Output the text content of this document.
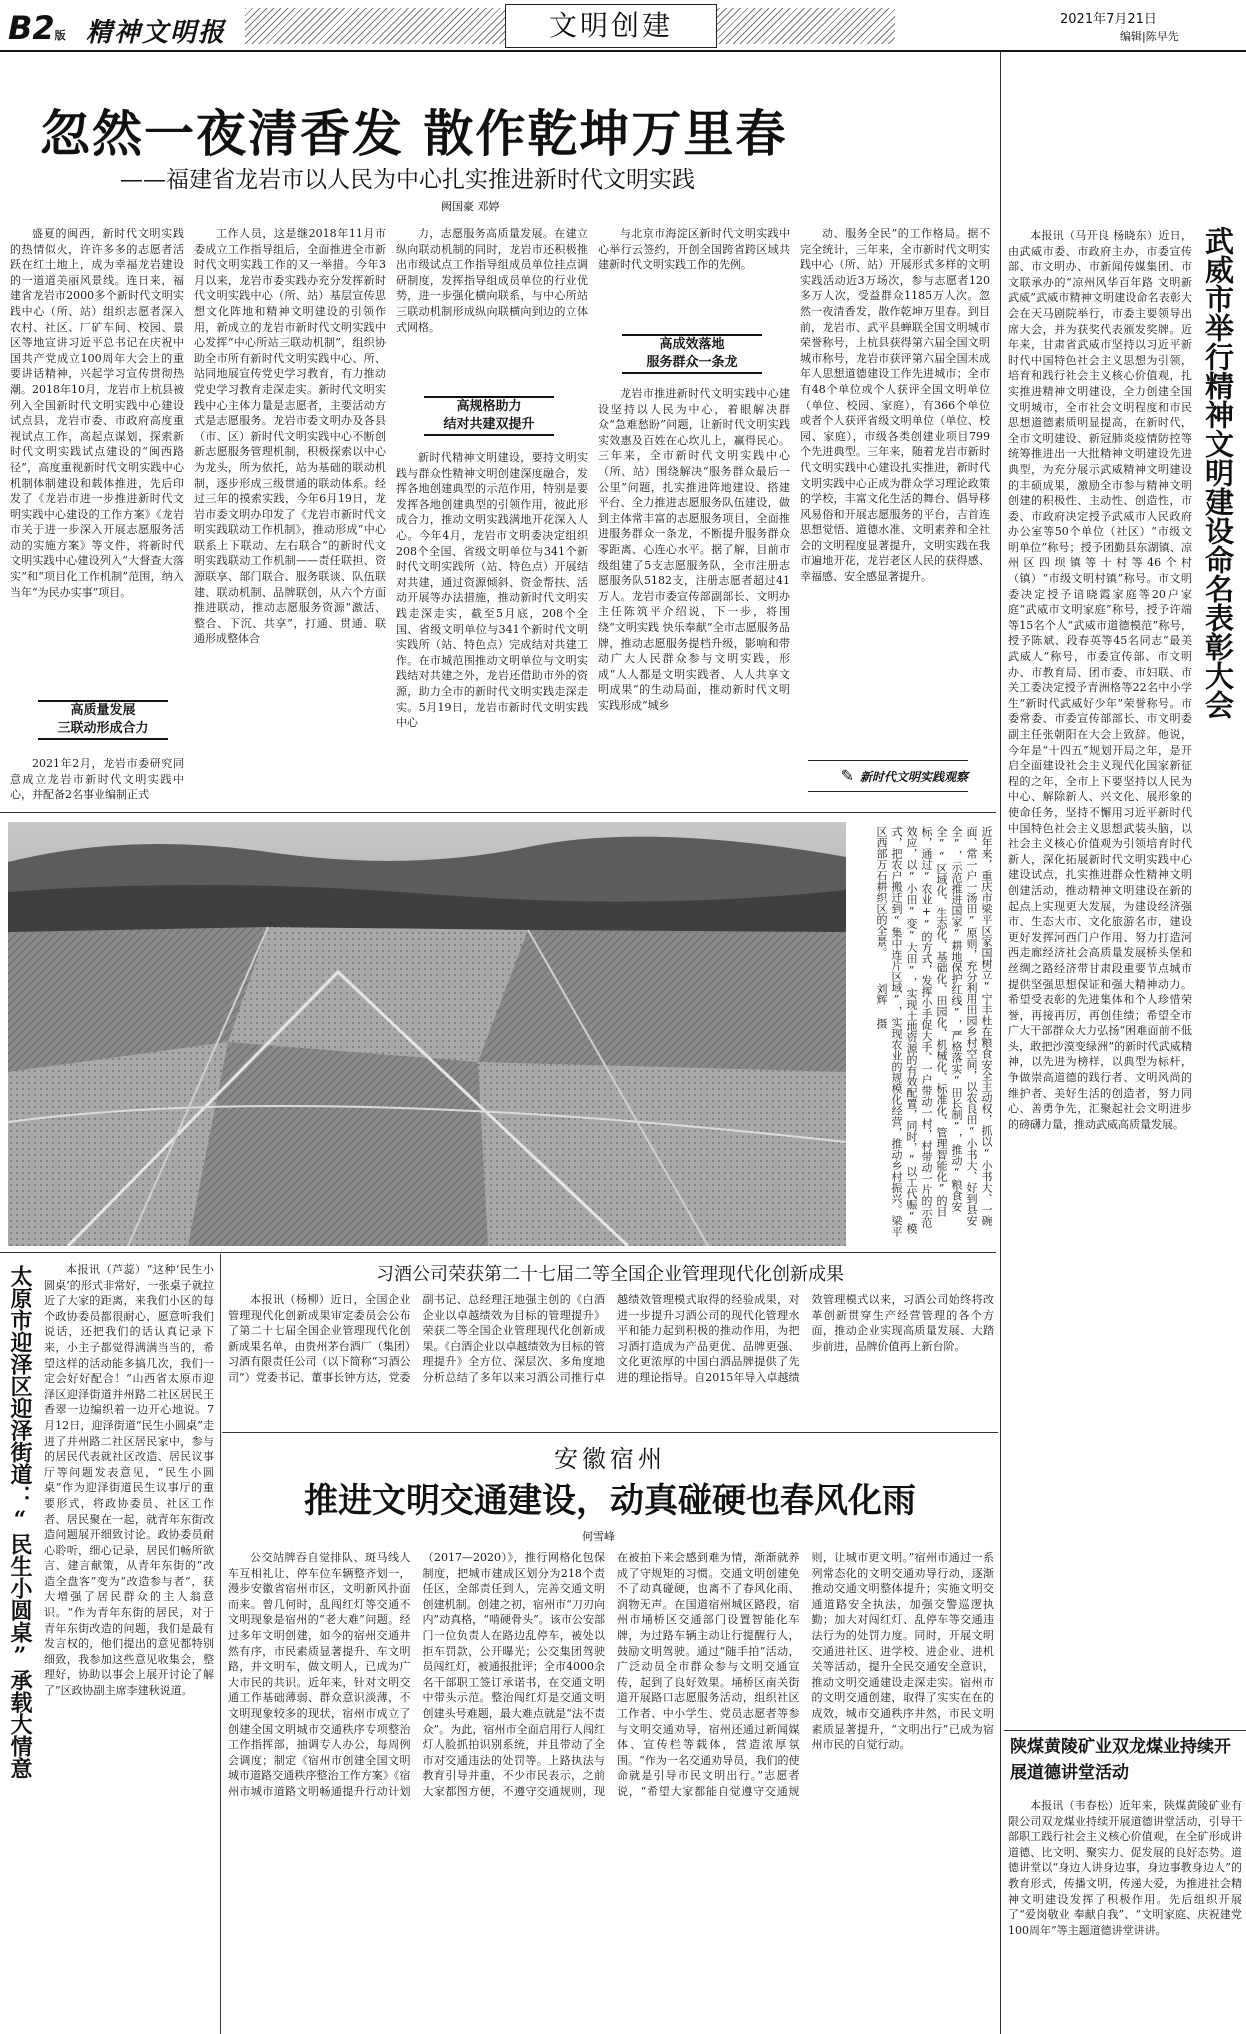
B2版 精神文明报	文明创建	2021年7月21日
编辑|陈早先
忽然一夜清香发 散作乾坤万里春
——福建省龙岩市以人民为中心扎实推进新时代文明实践
阙国豪 邓婷

盛夏的闽西，新时代文明实践的热情似火，许许多多的志愿者活跃在红土地上，成为幸福龙岩建设的一道道美丽风景线。连日来，福建省龙岩市2000多个新时代文明实践中心（所、站）组织志愿者深入农村、社区、厂矿车间、校园、景区等地宣讲习近平总书记在庆祝中国共产党成立100周年大会上的重要讲话精神，兴起学习宣传贯彻热潮。2018年10月，龙岩市上杭县被列入全国新时代文明实践中心建设试点县，龙岩市委、市政府高度重视试点工作，高起点谋划，探索新时代文明实践试点建设的“闽西路径”，高度重视新时代文明实践中心机制体制建设和载体推进，先后印发了《龙岩市进一步推进新时代文明实践中心建设的工作方案》《龙岩市关于进一步深入开展志愿服务活动的实施方案》等文件，将新时代文明实践中心建设列入“大督查大落实”和“项目化工作机制”范围，纳入当年“为民办实事”项目。

高质量发展
三联动形成合力

2021年2月，龙岩市委研究同意成立龙岩市新时代文明实践中心，并配备2名事业编制正式

工作人员，这是继2018年11月市委成立工作指导组后，全面推进全市新时代文明实践工作的又一举措。今年3月以来，龙岩市委实践办充分发挥新时代文明实践中心（所、站）基层宣传思想文化阵地和精神文明建设的引领作用，新成立的龙岩市新时代文明实践中心发挥“中心所站三联动机制”，组织协助全市所有新时代文明实践中心、所、站同地展宣传党史学习教育，有力推动党史学习教育走深走实。新时代文明实践中心主体力量是志愿者，主要活动方式是志愿服务。龙岩市委文明办及各县（市、区）新时代文明实践中心不断创新志愿服务管理机制，积极探索以中心为龙头，所为依托，站为基础的联动机制，逐步形成三级贯通的联动体系。经过三年的摸索实践，今年6月19日，龙岩市委文明办印发了《龙岩市新时代文明实践联动工作机制》，推动形成“中心联系上下联动、左右联合”的新时代文明实践联动工作机制——责任联担、资源联享、部门联合、服务联谈、队伍联建、联动机制、品牌联创，从六个方面推进联动，推动志愿服务资源“激活、整合、下沉、共享”，打通、贯通、联通形成整体合

力，志愿服务高质量发展。在建立纵向联动机制的同时，龙岩市还积极推出市级试点工作指导组成员单位挂点调研制度，发挥指导组成员单位的行业优势，进一步强化横向联系，与中心所站三联动机制形成纵向联横向到边的立体式网格。

高规格助力
结对共建双提升

新时代精神文明建设，要持文明实践与群众性精神文明创建深度融合，发挥各地创建典型的示范作用，特别是要发挥各地创建典型的引领作用，彼此形成合力，推动文明实践满地开花深入人心。今年4月，龙岩市文明委决定组织208个全国、省级文明单位与341个新时代文明实践所（站、特色点）开展结对共建，通过资源倾斜、资金帮扶、活动开展等办法措施，推动新时代文明实践走深走实，截至5月底，208个全国、省级文明单位与341个新时代文明实践所（站、特色点）完成结对共建工作。在市城范围推动文明单位与文明实践结对共建之外，龙岩还借助市外的资源，助力全市的新时代文明实践走深走实。5月19日，龙岩市新时代文明实践中心

与北京市海淀区新时代文明实践中心举行云签约，开创全国跨省跨区域共建新时代文明实践工作的先例。

高成效落地
服务群众一条龙

龙岩市推进新时代文明实践中心建设坚持以人民为中心，着眼解决群众“急难愁盼”问题，让新时代文明实践实效惠及百姓在心坎儿上，赢得民心。三年来，全市新时代文明实践中心（所、站）围绕解决“服务群众最后一公里”问题，扎实推进阵地建设、搭建平台、全力推进志愿服务队伍建设，做到主体常丰富的志愿服务项目，全面推进服务群众一条龙，不断提升服务群众零距离、心连心水平。据了解，目前市级组建了5支志愿服务队，全市注册志愿服务队5182支，注册志愿者超过41万人。龙岩市委宣传部副部长、文明办主任陈筑平介绍说，下一步，将围绕“文明实践 快乐奉献”全市志愿服务品牌，推动志愿服务提档升级，影响和带动广大人民群众参与文明实践，形成“人人都是文明实践者、人人共享文明成果”的生动局面，推动新时代文明实践形成“城乡

动、服务全民”的工作格局。据不完全统计，三年来，全市新时代文明实践中心（所、站）开展形式多样的文明实践活动近3万场次，参与志愿者120多万人次，受益群众1185万人次。忽然一夜清香发，散作乾坤万里春。到目前，龙岩市、武平县蝉联全国文明城市荣誉称号，上杭县获得第六届全国文明城市称号，龙岩市获评第六届全国未成年人思想道德建设工作先进城市；全市有48个单位或个人获评全国文明单位（单位、校园、家庭），有366个单位或者个人获评省级文明单位（单位、校园、家庭），市级各类创建业项目799个先进典型。三年来，随着龙岩市新时代文明实践中心建设扎实推进，新时代文明实践中心正成为群众学习理论政策的学校，丰富文化生活的舞台、倡导移风易俗和开展志愿服务的平台，吉首连思想觉悟、道德水准、文明素养和全社会的文明程度显著提升，文明实践在我市遍地开花，龙岩老区人民的获得感、幸福感、安全感显著提升。

✎ 新时代文明实践观察
近年来，重庆市梁平区家国树立“宁丰杜在粮食安全主动权，抓以“小书大、一碗面、常一户一汤田”原则，充分利用田园乡村空间，以农良田“小书大、好到县安全”，示范推进国家“耕地保护红线”，严格落实“田长制”，推动“粮食安全”“区域化、生态化、基础化、田园化、机械化、标准化、管理智能化”的目标，通过“农业+”的方式，发挥小手促大手、一户带动一村，村带动一片的示范效应，以“小田”变“大田”，实现土地资源的有效配置，同时，“以工代赈”模式，把农户搬迁到“集中连片区域”，实现农业的规模化经营，推动乡村振兴。梁平区西部万石耕织区的全景。 刘辉 摄

本报讯（马开良 杨晓东）近日，由武威市委、市政府主办，市委宣传部、市文明办、市新闻传媒集团、市文联承办的“凉州风华百年路 文明新武威”武威市精神文明建设命名表彰大会在天马剧院举行，市委主要领导出席大会，并为获奖代表颁发奖牌。近年来，甘肃省武威市坚持以习近平新时代中国特色社会主义思想为引领，培育和践行社会主义核心价值观，扎实推进精神文明建设，全力创建全国文明城市，全市社会文明程度和市民思想道德素质明显提高，在新时代，全市文明建设、新冠肺炎疫情防控等统筹推进出一大批精神文明建设先进典型，为充分展示武威精神文明建设的丰硕成果，激励全市参与精神文明创建的积极性、主动性、创造性，市委、市政府决定授予武威市人民政府办公室等50个单位（社区）“市级文明单位”称号；授予团勤县东湖镇、凉州区四坝镇等十村等46个村（镇）“市级文明村镇”称号。市文明委决定授予谙晓霞家庭等20户家庭“武威市文明家庭”称号，授予许端等15名个人“武威市道德模范”称号，授予陈斌、段春英等45名同志“最美武威人”称号，市委宣传部、市文明办、市教育局、团市委、市妇联、市关工委决定授予青洲格等22名中小学生“新时代武威好少年”荣誉称号。市委常委、市委宣传部部长、市文明委副主任张朝阳在大会上致辞。他说，今年是“十四五”规划开局之年，是开启全面建设社会主义现代化国家新征程的之年，全市上下要坚持以人民为中心、解除新人、兴文化、展形象的使命任务，坚持不懈用习近平新时代中国特色社会主义思想武装头脑，以社会主义核心价值观为引领培育时代新人，深化拓展新时代文明实践中心建设试点，扎实推进群众性精神文明创建活动，推动精神文明建设在新的起点上实现更大发展，为建设经济强市、生态大市、文化旅游名市，建设更好发挥河西门户作用、努力打造河西走廊经济社会高质量发展桥头堡和丝绸之路经济带甘肃段重要节点城市提供坚强思想保证和强大精神动力。希望受表彰的先进集体和个人珍惜荣誉，再接再厉，再创佳绩；希望全市广大干部群众大力弘扬“困难面前不低头，敢把沙漠变绿洲”的新时代武威精神，以先进为榜样，以典型为标杆，争做崇高道德的践行者、文明风尚的维护者、美好生活的创造者，努力同心、善勇争先，汇聚起社会文明进步的磅礴力量，推动武威高质量发展。

武威市举行精神文明建设命名表彰大会
陕煤黄陵矿业双龙煤业持续开展道德讲堂活动

本报讯（韦春松）近年来，陕煤黄陵矿业有限公司双龙煤业持续开展道德讲堂活动，引导干部职工践行社会主义核心价值观，在全矿形成讲道德、比文明、聚实力、促发展的良好态势。道德讲堂以“身边人讲身边事，身边事教身边人”的教育形式，传播文明，传递大爱，为推进社会精神文明建设发挥了积极作用。先后组织开展了“爱岗敬业 奉献自我”、“文明家庭、庆祝建党100周年”等主题道德讲堂讲讲。

太原市迎泽区迎泽街道：“民生小圆桌”承载大情意	本报讯（芦蕊）“这种‘民生小圆桌’的形式非常好，一张桌子就拉近了大家的距离，来我们小区的每个政协委员都很耐心，愿意听我们说话，还把我们的话认真记录下来，小主子都觉得满满当当的，希望这样的活动能多搞几次，我们一定会好好配合！”山西省太原市迎泽区迎泽街道并州路二社区居民王香翠一边编织着一边开心地说。7月12日，迎泽街道“民生小圆桌”走进了并州路二社区居民家中，参与的居民代表就社区改造、居民议事厅等问题发表意见，“民生小圆桌”作为迎泽街道民生议事厅的重要形式，将政协委员、社区工作者、居民聚在一起，就青年东街改造问题展开细致讨论。政协委员耐心聆听，细心记录，居民们畅所欲言、建言献策，从青年东街的“改造全盘客”变为“改造参与者”，获大增强了居民群众的主人翁意识。“作为青年东街的居民，对于青年东街改造的问题，我们是最有发言权的，他们提出的意见都特别细致，我参加这些意见收集会，整理好，协助以事会上展开讨论了解了”区政协副主席李建秋说道。

习酒公司荣获第二十七届二等全国企业管理现代化创新成果

本报讯（杨柳）近日，全国企业管理现代化创新成果审定委员会公布了第二十七届全国企业管理现代化创新成果名单，由贵州茅台酒厂（集团）习酒有限责任公司（以下简称“习酒公司”）党委书记、董事长钟方达，党委副书记、总经理汪地强主创的《白酒企业以卓越绩效为目标的管理提升》荣获二等全国企业管理现代化创新成果。《白酒企业以卓越绩效为目标的管理提升》全方位、深层次、多角度地分析总结了多年以来习酒公司推行卓越绩效管理模式取得的经验成果，对进一步提升习酒公司的现代化管理水平和能力起到积极的推动作用，为把习酒打造成为产品更优、品牌更强、文化更浓厚的中国白酒品牌提供了先进的理论指导。自2015年导入卓越绩效管理模式以来，习酒公司始终将改革创新贯穿生产经营管理的各个方面，推动企业实现高质量发展、大踏步前进，品牌价值再上新台阶。

安徽宿州
推进文明交通建设，动真碰硬也春风化雨
何雪峰

公交站牌吞自觉排队、斑马线人车互相礼让、停车位车辆整齐划一，漫步安徽省宿州市区，文明新风扑面而来。曾几何时，乱闯红灯等交通不文明现象是宿州的“老大难”问题。经过多年文明创建，如今的宿州交通井然有序，市民素质显著提升、车文明路，并文明车，做文明人，已成为广大市民的共识。近年来，针对文明交通工作基础薄弱、群众意识淡薄，不文明现象较多的现状，宿州市成立了创建全国文明城市交通秩序专项整治工作指挥部，抽调专人办公，每周例会调度；制定《宿州市创建全国文明城市道路交通秩序整治工作方案》《宿州市城市道路文明畅通提升行动计划（2017—2020）》，推行网格化包保制度，把城市建成区划分为218个责任区，全部责任到人，完善交通文明创建机制。创建之初，宿州市“刀刃向内”动真格，“啃硬骨头”。该市公安部门一位负责人在路边乱停车，被处以拒车罚款，公开曝光；公交集团驾驶员闯红灯，被通报批评；全市4000余名干部职工签订承诺书，在交通文明中带头示范。整治闯红灯是交通文明创建头号难题，最大难点就是“法不责众”。为此，宿州市全面启用行人闯红灯人脸抓拍识别系统，并且带动了全市对交通违法的处罚等。上路执法与教育引导并重，不少市民表示，之前大家都图方便，不遵守交通规则，现在被拍下来会感到难为情，渐渐就养成了守规矩的习惯。交通文明创建免不了动真碰硬，也离不了春风化雨、润物无声。在国道宿州城区路段，宿州市埇桥区交通部门设置智能化车牌，为过路车辆主动让行提醒行人，鼓励文明驾驶。通过“随手拍”活动，广泛动员全市群众参与文明交通宣传，起到了良好效果。埇桥区南关街道开展路口志愿服务活动，组织社区工作者、中小学生、党员志愿者等参与文明交通劝导，宿州还通过新闻媒体、宣传栏等载体，营造浓厚氛围。“作为一名交通劝导员，我们的使命就是引导市民文明出行。”志愿者说，“希望大家都能自觉遵守交通规则，让城市更文明。”宿州市通过一系列常态化的文明交通劝导行动，逐渐推动交通文明整体提升；实施文明交通道路安全执法，加强交警巡逻执勤；加大对闯红灯、乱停车等交通违法行为的处罚力度。同时，开展文明交通进社区、进学校、进企业、进机关等活动，提升全民交通安全意识，推动文明交通建设走深走实。宿州市的文明交通创建，取得了实实在在的成效，城市交通秩序井然，市民文明素质显著提升，“文明出行”已成为宿州市民的自觉行动。
